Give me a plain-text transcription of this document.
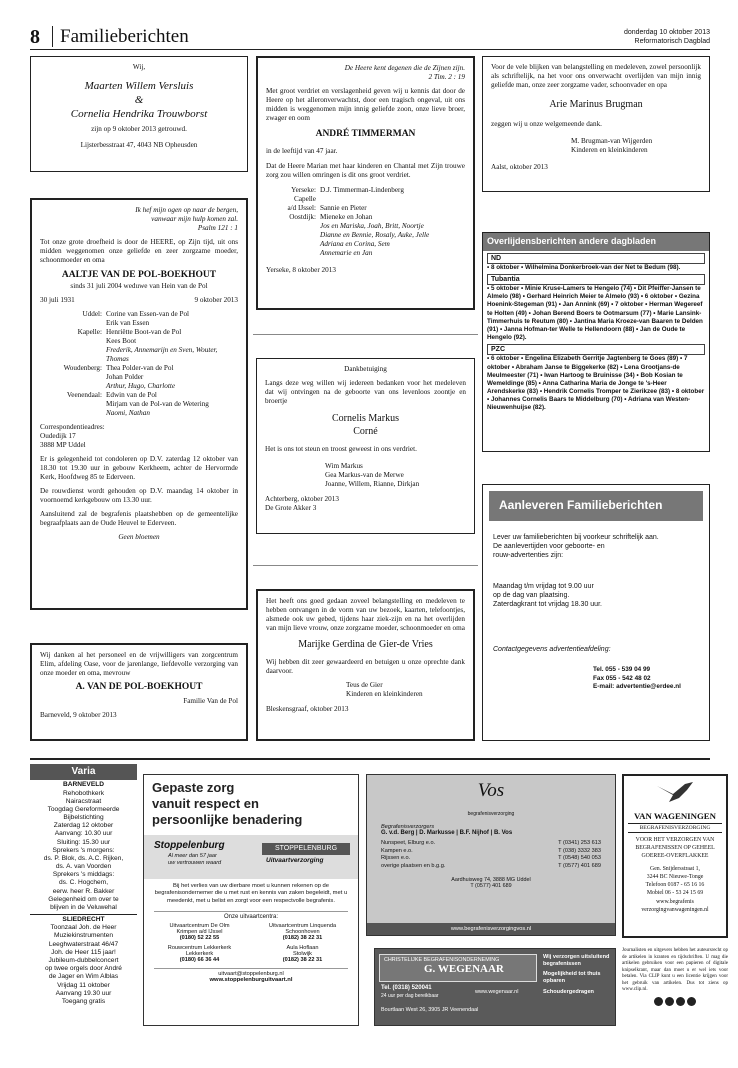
8 Familieberichten	donderdag 10 oktober 2013
Reformatorisch Dagblad

Wij,

Maarten Willem Versluis

&

Cornelia Hendrika Trouwborst

zijn op 9 oktober 2013 getrouwd.

Lijsterbesstraat 47, 4043 NB Opheusden

Ik hef mijn ogen op naar de bergen,

vanwaar mijn hulp komen zal.

Psalm 121 : 1

Tot onze grote droefheid is door de HEERE, op Zijn tijd, uit ons midden weggenomen onze geliefde en zeer zorgzame moeder, schoonmoeder en oma

AALTJE VAN DE POL-BOEKHOUT

sinds 31 juli 2004 weduwe van Hein van de Pol

30 juli 1931	9 oktober 2013
Uddel: Corine van Essen-van de Pol
Erik van Essen
Kapelle: Henriëtte Boot-van de Pol
Kees Boot
Frederik, Annemarijn en Sven, Wouter, Thomas
Woudenberg: Thea Polder-van de Pol
Johan Polder
Arthur, Hugo, Charlotte
Veenendaal: Edwin van de Pol
Mirjam van de Pol-van de Wetering
Naomi, Nathan

Correspondentieadres:

Oudedijk 17

3888 MP Uddel

Er is gelegenheid tot condoleren op D.V. zaterdag 12 oktober van 18.30 tot 19.30 uur in gebouw Kerkheem, achter de Hervormde Kerk, Hoofdweg 85 te Ederveen.

De rouwdienst wordt gehouden op D.V. maandag 14 oktober in voornoemd kerkgebouw om 13.30 uur.

Aansluitend zal de begrafenis plaatshebben op de gemeentelijke begraafplaats aan de Oude Heuvel te Ederveen.

Geen bloemen

Wij danken al het personeel en de vrijwilligers van zorgcentrum Elim, afdeling Oase, voor de jarenlange, liefdevolle verzorging van onze moeder en oma, mevrouw

A. VAN DE POL-BOEKHOUT

Familie Van de Pol

Barneveld, 9 oktober 2013

De Heere kent degenen die de Zijnen zijn.

2 Tim. 2 : 19

Met groot verdriet en verslagenheid geven wij u kennis dat door de Heere op het alleronverwachtst, door een tragisch ongeval, uit ons midden is weggenomen mijn innig geliefde zoon, onze lieve broer, zwager en oom

ANDRÉ TIMMERMAN

in de leeftijd van 47 jaar.

Dat de Heere Marian met haar kinderen en Chantal met Zijn trouwe zorg zou willen omringen is dit ons groot verdriet.

Yerseke: D.J. Timmerman-Lindenberg
Capelle
a/d IJssel: Sannie en Pieter
Oostdijk: Mieneke en Johan
Jos en Mariska, Joah, Britt, Noortje
Dianne en Bennie, Rosaly, Auke, Jelle
Adriana en Corina, Sem
Annemarie en Jan

Yerseke, 8 oktober 2013

Dankbetuiging

Langs deze weg willen wij iedereen bedanken voor het medeleven dat wij ontvingen na de geboorte van ons levenloos zoontje en broertje

Cornelis Markus

Corné

Het is ons tot steun en troost geweest in ons verdriet.

Wim Markus

Gea Markus-van de Merwe

Joanne, Willem, Rianne, Dirkjan

Achterberg, oktober 2013

De Grote Akker 3

Het heeft ons goed gedaan zoveel belangstelling en medeleven te hebben ontvangen in de vorm van uw bezoek, kaarten, telefoontjes, alsmede ook uw gebed, tijdens haar ziek-zijn en na het overlijden van mijn lieve vrouw, onze zorgzame moeder, schoonmoeder en oma

Marijke Gerdina de Gier-de Vries

Wij hebben dit zeer gewaardeerd en betuigen u onze oprechte dank daarvoor.

Teus de Gier

Kinderen en kleinkinderen

Bleskensgraaf, oktober 2013

Voor de vele blijken van belangstelling en medeleven, zowel persoonlijk als schriftelijk, na het voor ons onverwacht overlijden van mijn innig geliefde man, onze zeer zorgzame vader, schoonvader en opa

Arie Marinus Brugman

zeggen wij u onze welgemeende dank.

M. Brugman-van Wijgerden

Kinderen en kleinkinderen

Aalst, oktober 2013

Overlijdensberichten andere dagbladen
ND

• 8 oktober • Wilhelmina Donkerbroek-van der Net te Bedum (98).

Tubantia

• 5 oktober • Minie Kruse-Lamers te Hengelo (74) • Dit Pfeiffer-Jansen te Almelo (98) • Gerhard Heinrich Meier te Almelo (93) • 6 oktober • Gezina Hoenink-Stegeman (91) • Jan Annink (69) • 7 oktober • Herman Wegereef te Holten (49) • Johan Berend Boers te Ootmarsum (77) • Marie Lansink-Timmerhuis te Reutum (80) • Jantina Maria Kroeze-van Baaren te Delden (91) • Janna Hofman-ter Welle te Hellendoorn (88) • Jan de Oude te Hengelo (92).

PZC

• 6 oktober • Engelina Elizabeth Gerritje Jagtenberg te Goes (89) • 7 oktober • Abraham Janse te Biggekerke (82) • Lena Grootjans-de Meulmeester (71) • Iwan Hartoog te Bruinisse (34) • Bob Kosian te Wemeldinge (85) • Anna Catharina Maria de Jonge te 's-Heer Arendskerke (83) • Hendrik Cornelis Tromper te Zierikzee (83) • 8 oktober • Johannes Cornelis Baars te Middelburg (70) • Adriana van Westen-Nieuwenhuijse (82).

Aanleveren Familieberichten

Lever uw familieberichten bij voorkeur schriftelijk aan.

De aanlevertijden voor geboorte- en

rouw-advertenties zijn:

Maandag t/m vrijdag tot 9.00 uur

op de dag van plaatsing.

Zaterdagkrant tot vrijdag 18.30 uur.

Contactgegevens advertentieafdeling:

Tel. 055 - 539 04 99

Fax 055 - 542 48 02

E-mail: advertentie@erdee.nl

Varia

BARNEVELD

Rehobothkerk

Nairacstraat

Toogdag Gereformeerde

Bijbelstichting

Zaterdag 12 oktober

Aanvang: 10.30 uur

Sluiting: 15.30 uur

Sprekers 's morgens:

ds. P. Blok, ds. A.C. Rijken,

ds. A. van Voorden

Sprekers 's middags:

ds. C. Hogchem,

eerw. heer R. Bakker

Gelegenheid om over te

blijven in de Veluwehal

SLIEDRECHT

Toonzaal Joh. de Heer

Muziekinstrumenten

Leeghwaterstraat 46/47

Joh. de Heer 115 jaar!

Jubileum-dubbelconcert

op twee orgels door André

de Jager en Wim Alblas

Vrijdag 11 oktober

Aanvang 19.30 uur

Toegang gratis

Gepaste zorg

vanuit respect en

persoonlijke benadering

Stoppelenburg
Al meer dan 57 jaar
uw vertrouwen waard
STOPPELENBURG
Uitvaartverzorging

Bij het verlies van uw dierbare moet u kunnen rekenen op de begrafenisondernemer die u met rust en kennis van zaken begeleidt, met u meedenkt, met u belist en zorgt voor een respectvolle begrafenis.

Onze uitvaartcentra:

Uitvaartcentrum De Olm

Krimpen a/d IJssel

(0180) 52 22 55

Uitvaartcentrum Linquenda

Schoonhoven

(0182) 38 22 31

Rouwcentrum Lekkerkerk

Lekkerkerk

(0180) 66 36 44

Aula Hoflaan

Stolwijk

(0182) 38 22 31

uitvaart@stoppelenburg.nl

www.stoppelenburguitvaart.nl

Vos
begrafenisverzorging

Begrafenisverzorgers

G. v.d. Berg | D. Markusse | B.F. Nijhof | B. Vos

Nunspeet, Elburg e.o.	T (0341) 253 613
Kampen e.o.	T (038) 3332 383
Rijssen e.o.	T (0548) 540 053
overige plaatsen en b.g.g.	T (0577) 401 689

Aardhuisweg 74, 3888 MG Uddel

T (0577) 401 689

www.begrafenisverzorgingvos.nl

CHRISTELIJKE BEGRAFENISONDERNEMING

G. WEGENAAR

Tel. (0318) 520041

24 uur per dag bereikbaar

www.wegenaar.nl

Bourtlaan West 26, 3905 JR Veenendaal

Wij verzorgen uitsluitend begrafenissen

Mogelijkheid tot thuis opbaren

Schoudergedragen

VAN WAGENINGEN

BEGRAFENISVERZORGING

VOOR HET VERZORGEN VAN

BEGRAFENISSEN OP GEHEEL

GOEREE-OVERFLAKKEE

Gen. Snijdersstraat 1,

3244 BC Nieuwe-Tonge

Telefoon 0187 - 65 16 16

Mobiel 06 - 53 24 15 69

www.begrafenis

verzorgingvanwageningen.nl

Journalisten en uitgevers hebben het auteursrecht op de artikelen in kranten en tijdschriften. U mag die artikelen gebruiken voor een papieren of digitale knipselkrant, maar dan moet u er wel iets voor betalen. Via CLIP kunt u een licentie krijgen voor het gebruik van artikelen. Dus tot ziens op www.clip.nl.
